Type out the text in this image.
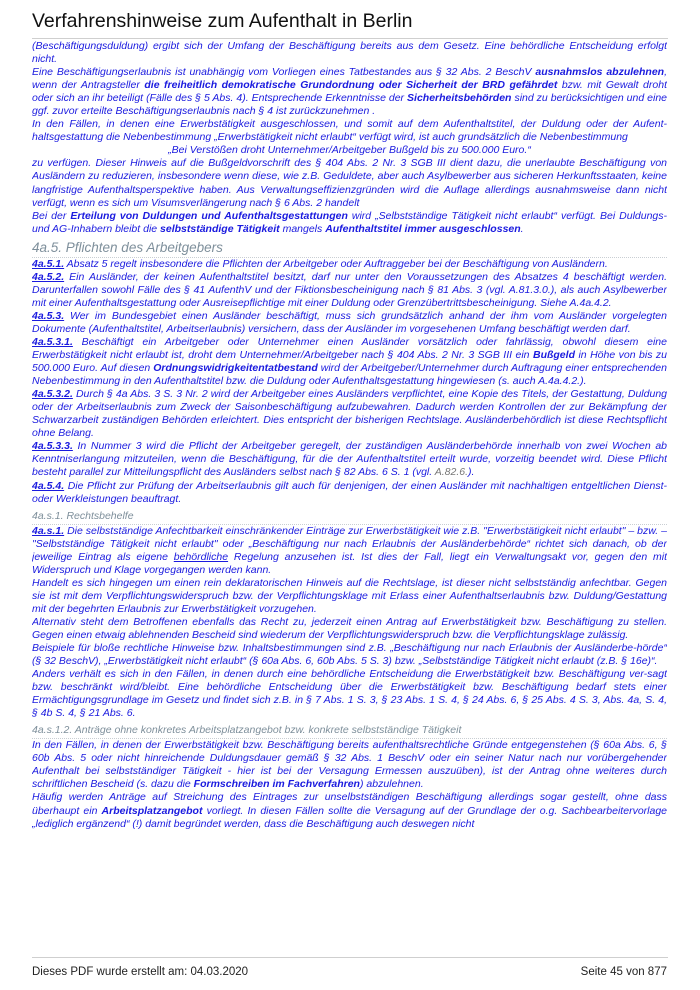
Verfahrenshinweise zum Aufenthalt in Berlin

(Beschäftigungsduldung) ergibt sich der Umfang der Beschäftigung bereits aus dem Gesetz. Eine behördliche Entscheidung erfolgt nicht.

Eine Beschäftigungserlaubnis ist unabhängig vom Vorliegen eines Tatbestandes aus § 32 Abs. 2 BeschV ausnahmslos abzulehnen, wenn der Antragsteller die freiheitlich demokratische Grundordnung oder Sicherheit der BRD gefährdet bzw. mit Gewalt droht oder sich an ihr beteiligt (Fälle des § 5 Abs. 4). Entsprechende Erkenntnisse der Sicherheitsbehörden sind zu berücksichtigen und eine ggf. zuvor erteilte Beschäftigungserlaubnis nach § 4 ist zurückzunehmen .

In den Fällen, in denen eine Erwerbstätigkeit ausgeschlossen, und somit auf dem Aufenthaltstitel, der Duldung oder der Aufent-haltsgestattung die Nebenbestimmung „Erwerbstätigkeit nicht erlaubt“ verfügt wird, ist auch grundsätzlich die Nebenbestimmung

„Bei Verstößen droht Unternehmer/Arbeitgeber Bußgeld bis zu 500.000 Euro.“

zu verfügen. Dieser Hinweis auf die Bußgeldvorschrift des § 404 Abs. 2 Nr. 3 SGB III dient dazu, die unerlaubte Beschäftigung von Ausländern zu reduzieren, insbesondere wenn diese, wie z.B. Geduldete, aber auch Asylbewerber aus sicheren Herkunftsstaaten, keine langfristige Aufenthaltsperspektive haben. Aus Verwaltungseffizienzgründen wird die Auflage allerdings ausnahmsweise dann nicht verfügt, wenn es sich um Visumsverlängerung nach § 6 Abs. 2 handelt

Bei der Erteilung von Duldungen und Aufenthaltsgestattungen wird „Selbstständige Tätigkeit nicht erlaubt“ verfügt. Bei Duldungs- und AG-Inhabern bleibt die selbstständige Tätigkeit mangels Aufenthaltstitel immer ausgeschlossen.

4a.5. Pflichten des Arbeitgebers

4a.5.1. Absatz 5 regelt insbesondere die Pflichten der Arbeitgeber oder Auftraggeber bei der Beschäftigung von Ausländern.

4a.5.2. Ein Ausländer, der keinen Aufenthaltstitel besitzt, darf nur unter den Voraussetzungen des Absatzes 4 beschäftigt werden. Darunterfallen sowohl Fälle des § 41 AufenthV und der Fiktionsbescheinigung nach § 81 Abs. 3 (vgl. A.81.3.0.), als auch Asylbewerber mit einer Aufenthaltsgestattung oder Ausreisepflichtige mit einer Duldung oder Grenzübertrittsbescheinigung. Siehe A.4a.4.2.

4a.5.3. Wer im Bundesgebiet einen Ausländer beschäftigt, muss sich grundsätzlich anhand der ihm vom Ausländer vorgelegten Dokumente (Aufenthaltstitel, Arbeitserlaubnis) versichern, dass der Ausländer im vorgesehenen Umfang beschäftigt werden darf.

4a.5.3.1. Beschäftigt ein Arbeitgeber oder Unternehmer einen Ausländer vorsätzlich oder fahrlässig, obwohl diesem eine Erwerbstätigkeit nicht erlaubt ist, droht dem Unternehmer/Arbeitgeber nach § 404 Abs. 2 Nr. 3 SGB III ein Bußgeld in Höhe von bis zu 500.000 Euro. Auf diesen Ordnungswidrigkeitentatbestand wird der Arbeitgeber/Unternehmer durch Auftragung einer entsprechenden Nebenbestimmung in den Aufenthaltstitel bzw. die Duldung oder Aufenthaltsgestattung hingewiesen (s. auch A.4a.4.2.).

4a.5.3.2. Durch § 4a Abs. 3 S. 3 Nr. 2 wird der Arbeitgeber eines Ausländers verpflichtet, eine Kopie des Titels, der Gestattung, Duldung oder der Arbeitserlaubnis zum Zweck der Saisonbeschäftigung aufzubewahren. Dadurch werden Kontrollen der zur Bekämpfung der Schwarzarbeit zuständigen Behörden erleichtert. Dies entspricht der bisherigen Rechtslage. Ausländerbehördlich ist diese Rechtspflicht ohne Belang.

4a.5.3.3. In Nummer 3 wird die Pflicht der Arbeitgeber geregelt, der zuständigen Ausländerbehörde innerhalb von zwei Wochen ab Kenntniserlangung mitzuteilen, wenn die Beschäftigung, für die der Aufenthaltstitel erteilt wurde, vorzeitig beendet wird. Diese Pflicht besteht parallel zur Mitteilungspflicht des Ausländers selbst nach § 82 Abs. 6 S. 1 (vgl. A.82.6.).

4a.5.4. Die Pflicht zur Prüfung der Arbeitserlaubnis gilt auch für denjenigen, der einen Ausländer mit nachhaltigen entgeltlichen Dienst- oder Werkleistungen beauftragt.

4a.s.1. Rechtsbehelfe

4a.s.1. Die selbstständige Anfechtbarkeit einschränkender Einträge zur Erwerbstätigkeit wie z.B. "Erwerbstätigkeit nicht erlaubt" – bzw. – "Selbstständige Tätigkeit nicht erlaubt" oder „Beschäftigung nur nach Erlaubnis der Ausländerbehörde“ richtet sich danach, ob der jeweilige Eintrag als eigene behördliche Regelung anzusehen ist. Ist dies der Fall, liegt ein Verwaltungsakt vor, gegen den mit Widerspruch und Klage vorgegangen werden kann.

Handelt es sich hingegen um einen rein deklaratorischen Hinweis auf die Rechtslage, ist dieser nicht selbstständig anfechtbar. Gegen sie ist mit dem Verpflichtungswiderspruch bzw. der Verpflichtungsklage mit Erlass einer Aufenthaltserlaubnis bzw. Duldung/Gestattung mit der begehrten Erlaubnis zur Erwerbstätigkeit vorzugehen.

Alternativ steht dem Betroffenen ebenfalls das Recht zu, jederzeit einen Antrag auf Erwerbstätigkeit bzw. Beschäftigung zu stellen. Gegen einen etwaig ablehnenden Bescheid sind wiederum der Verpflichtungswiderspruch bzw. die Verpflichtungsklage zulässig.

Beispiele für bloße rechtliche Hinweise bzw. Inhaltsbestimmungen sind z.B. „Beschäftigung nur nach Erlaubnis der Ausländerbe-hörde“ (§ 32 BeschV), „Erwerbstätigkeit nicht erlaubt“ (§ 60a Abs. 6, 60b Abs. 5 S. 3) bzw. „Selbstständige Tätigkeit nicht erlaubt (z.B. § 16e)“.

Anders verhält es sich in den Fällen, in denen durch eine behördliche Entscheidung die Erwerbstätigkeit bzw. Beschäftigung ver-sagt bzw. beschränkt wird/bleibt. Eine behördliche Entscheidung über die Erwerbstätigkeit bzw. Beschäftigung bedarf stets einer Ermächtigungsgrundlage im Gesetz und findet sich z.B. in § 7 Abs. 1 S. 3, § 23 Abs. 1 S. 4, § 24 Abs. 6, § 25 Abs. 4 S. 3, Abs. 4a, S. 4, § 4b S. 4, § 21 Abs. 6.

4a.s.1.2. Anträge ohne konkretes Arbeitsplatzangebot bzw. konkrete selbstständige Tätigkeit

In den Fällen, in denen der Erwerbstätigkeit bzw. Beschäftigung bereits aufenthaltsrechtliche Gründe entgegenstehen (§ 60a Abs. 6, § 60b Abs. 5 oder nicht hinreichende Duldungsdauer gemäß § 32 Abs. 1 BeschV oder ein seiner Natur nach nur vorübergehender Aufenthalt bei selbstständiger Tätigkeit - hier ist bei der Versagung Ermessen auszuüben), ist der Antrag ohne weiteres durch schriftlichen Bescheid (s. dazu die Formschreiben im Fachverfahren) abzulehnen.

Häufig werden Anträge auf Streichung des Eintrages zur unselbstständigen Beschäftigung allerdings sogar gestellt, ohne dass überhaupt ein Arbeitsplatzangebot vorliegt. In diesen Fällen sollte die Versagung auf der Grundlage der o.g. Sachbearbeitervorlage „lediglich ergänzend“ (!) damit begründet werden, dass die Beschäftigung auch deswegen nicht

Dieses PDF wurde erstellt am: 04.03.2020	Seite 45 von 877
